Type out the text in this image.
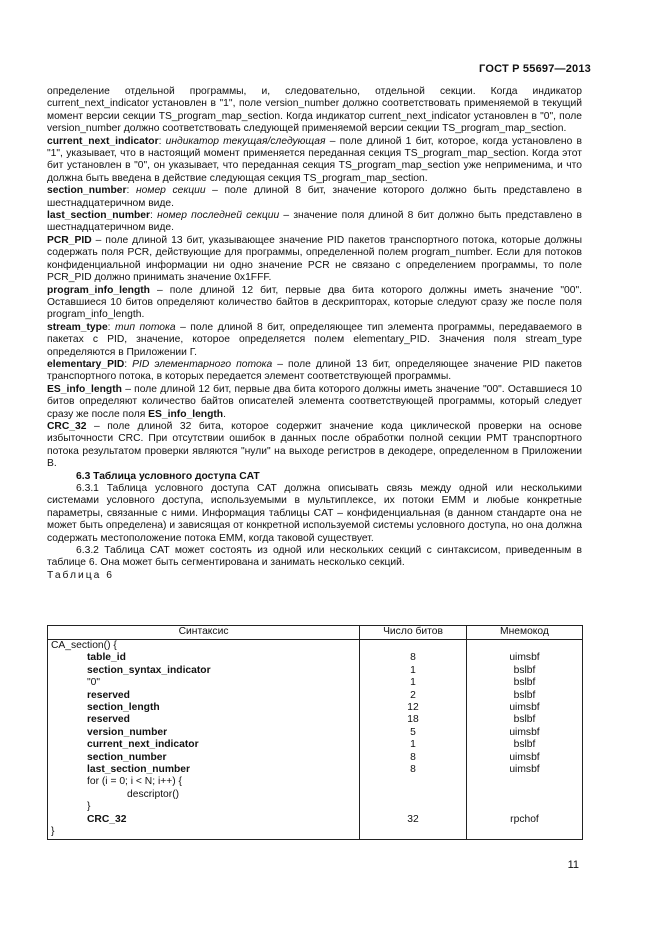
ГОСТ Р 55697—2013

определение отдельной программы, и, следовательно, отдельной секции. Когда индикатор current_next_indicator установлен в "1", поле version_number должно соответствовать применяемой в текущий момент версии секции TS_program_map_section. Когда индикатор current_next_indicator установлен в "0", поле version_number должно соответствовать следующей применяемой версии секции TS_program_map_section.

current_next_indicator: индикатор текущая/следующая – поле длиной 1 бит, которое, когда установлено в "1", указывает, что в настоящий момент применяется переданная секция TS_program_map_section. Когда этот бит установлен в "0", он указывает, что переданная секция TS_program_map_section уже неприменима, и что должна быть введена в действие следующая секция TS_program_map_section.

section_number: номер секции – поле длиной 8 бит, значение которого должно быть представлено в шестнадцатеричном виде.

last_section_number: номер последней секции – значение поля длиной 8 бит должно быть представлено в шестнадцатеричном виде.

PCR_PID – поле длиной 13 бит, указывающее значение PID пакетов транспортного потока, которые должны содержать поля PCR, действующие для программы, определенной полем program_number. Если для потоков конфиденциальной информации ни одно значение PCR не связано с определением программы, то поле PCR_PID должно принимать значение 0x1FFF.

program_info_length – поле длиной 12 бит, первые два бита которого должны иметь значение "00". Оставшиеся 10 битов определяют количество байтов в дескрипторах, которые следуют сразу же после поля program_info_length.

stream_type: тип потока – поле длиной 8 бит, определяющее тип элемента программы, передаваемого в пакетах с PID, значение, которое определяется полем elementary_PID. Значения поля stream_type определяются в Приложении Г.

elementary_PID: PID элементарного потока – поле длиной 13 бит, определяющее значение PID пакетов транспортного потока, в которых передается элемент соответствующей программы.

ES_info_length – поле длиной 12 бит, первые два бита которого должны иметь значение "00". Оставшиеся 10 битов определяют количество байтов описателей элемента соответствующей программы, который следует сразу же после поля ES_info_length.

CRC_32 – поле длиной 32 бита, которое содержит значение кода циклической проверки на основе избыточности CRC. При отсутствии ошибок в данных после обработки полной секции PMT транспортного потока результатом проверки являются "нули" на выходе регистров в декодере, определенном в Приложении В.

6.3 Таблица условного доступа CAT

6.3.1 Таблица условного доступа CAT должна описывать связь между одной или несколькими системами условного доступа, используемыми в мультиплексе, их потоки EMM и любые конкретные параметры, связанные с ними. Информация таблицы CAT – конфиденциальная (в данном стандарте она не может быть определена) и зависящая от конкретной используемой системы условного доступа, но она должна содержать местоположение потока EMM, когда таковой существует.

6.3.2 Таблица CAT может состоять из одной или нескольких секций с синтаксисом, приведенным в таблице 6. Она может быть сегментирована и занимать несколько секций.

Таблица 6

Синтаксис	Число битов	Мнемокод
CA_section() {		
table_id	8	uimsbf
section_syntax_indicator	1	bslbf
"0"	1	bslbf
reserved	2	bslbf
section_length	12	uimsbf
reserved	18	bslbf
version_number	5	uimsbf
current_next_indicator	1	bslbf
section_number	8	uimsbf
last_section_number	8	uimsbf
for (i = 0; i < N; i++) {		
descriptor()		
}		
CRC_32	32	rpchof
}		
11
